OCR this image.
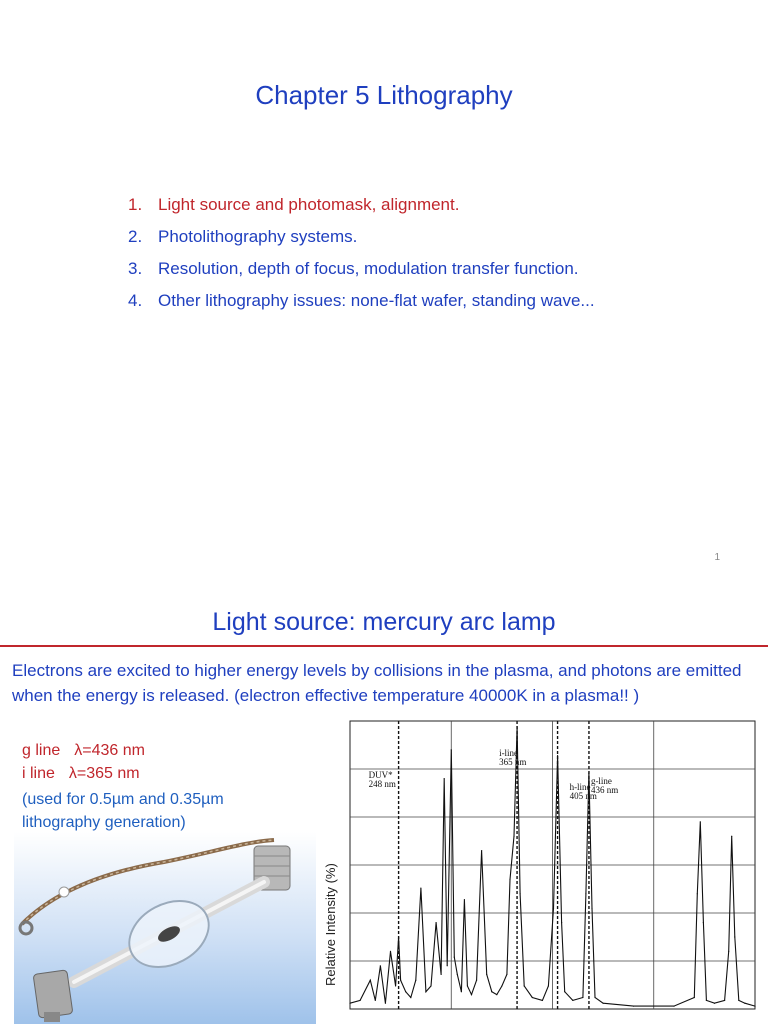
Chapter 5 Lithography
1. Light source and photomask, alignment.
2. Photolithography systems.
3. Resolution, depth of focus, modulation transfer function.
4. Other lithography issues: none-flat wafer, standing wave...
1
Light source: mercury arc lamp
Electrons are excited to higher energy levels by collisions in the plasma, and photons are emitted when the energy is released. (electron effective temperature 40000K in a plasma!! )
g line λ=436 nm
i line λ=365 nm
(used for 0.5µm and 0.35µm lithography generation)
Relative Intensity (%)
DUV*
248 nm
i-line
365 nm
h-line
405 nm
g-line
436 nm
